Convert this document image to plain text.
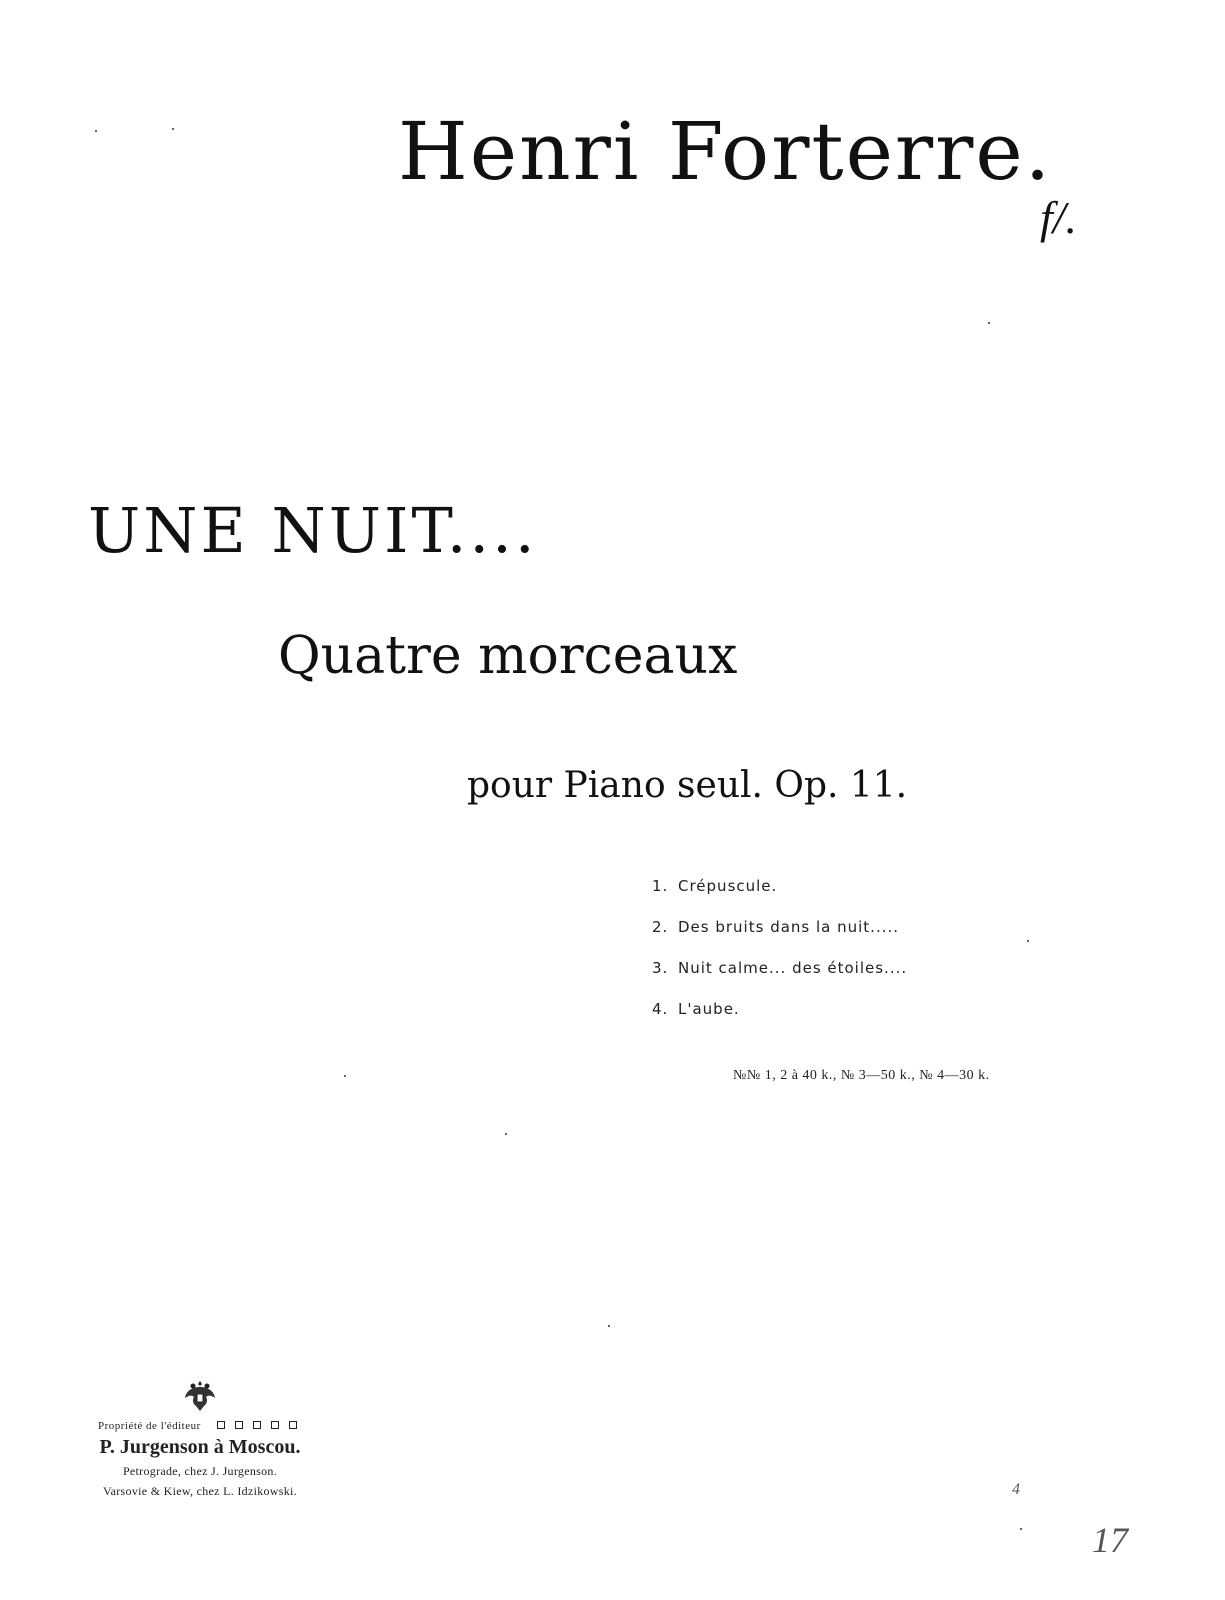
Henri Forterre.
f/.
UNE NUIT....
Quatre morceaux
pour Piano seul. Op. 11.
1. Crépuscule.
2. Des bruits dans la nuit.....
3. Nuit calme... des étoiles....
4. L'aube.
№№ 1, 2 à 40 k., № 3—50 k., № 4—30 k.
Propriété de l'éditeur
P. Jurgenson à Moscou.
Petrograde, chez J. Jurgenson.
Varsovie & Kiew, chez L. Idzikowski.	4
17
